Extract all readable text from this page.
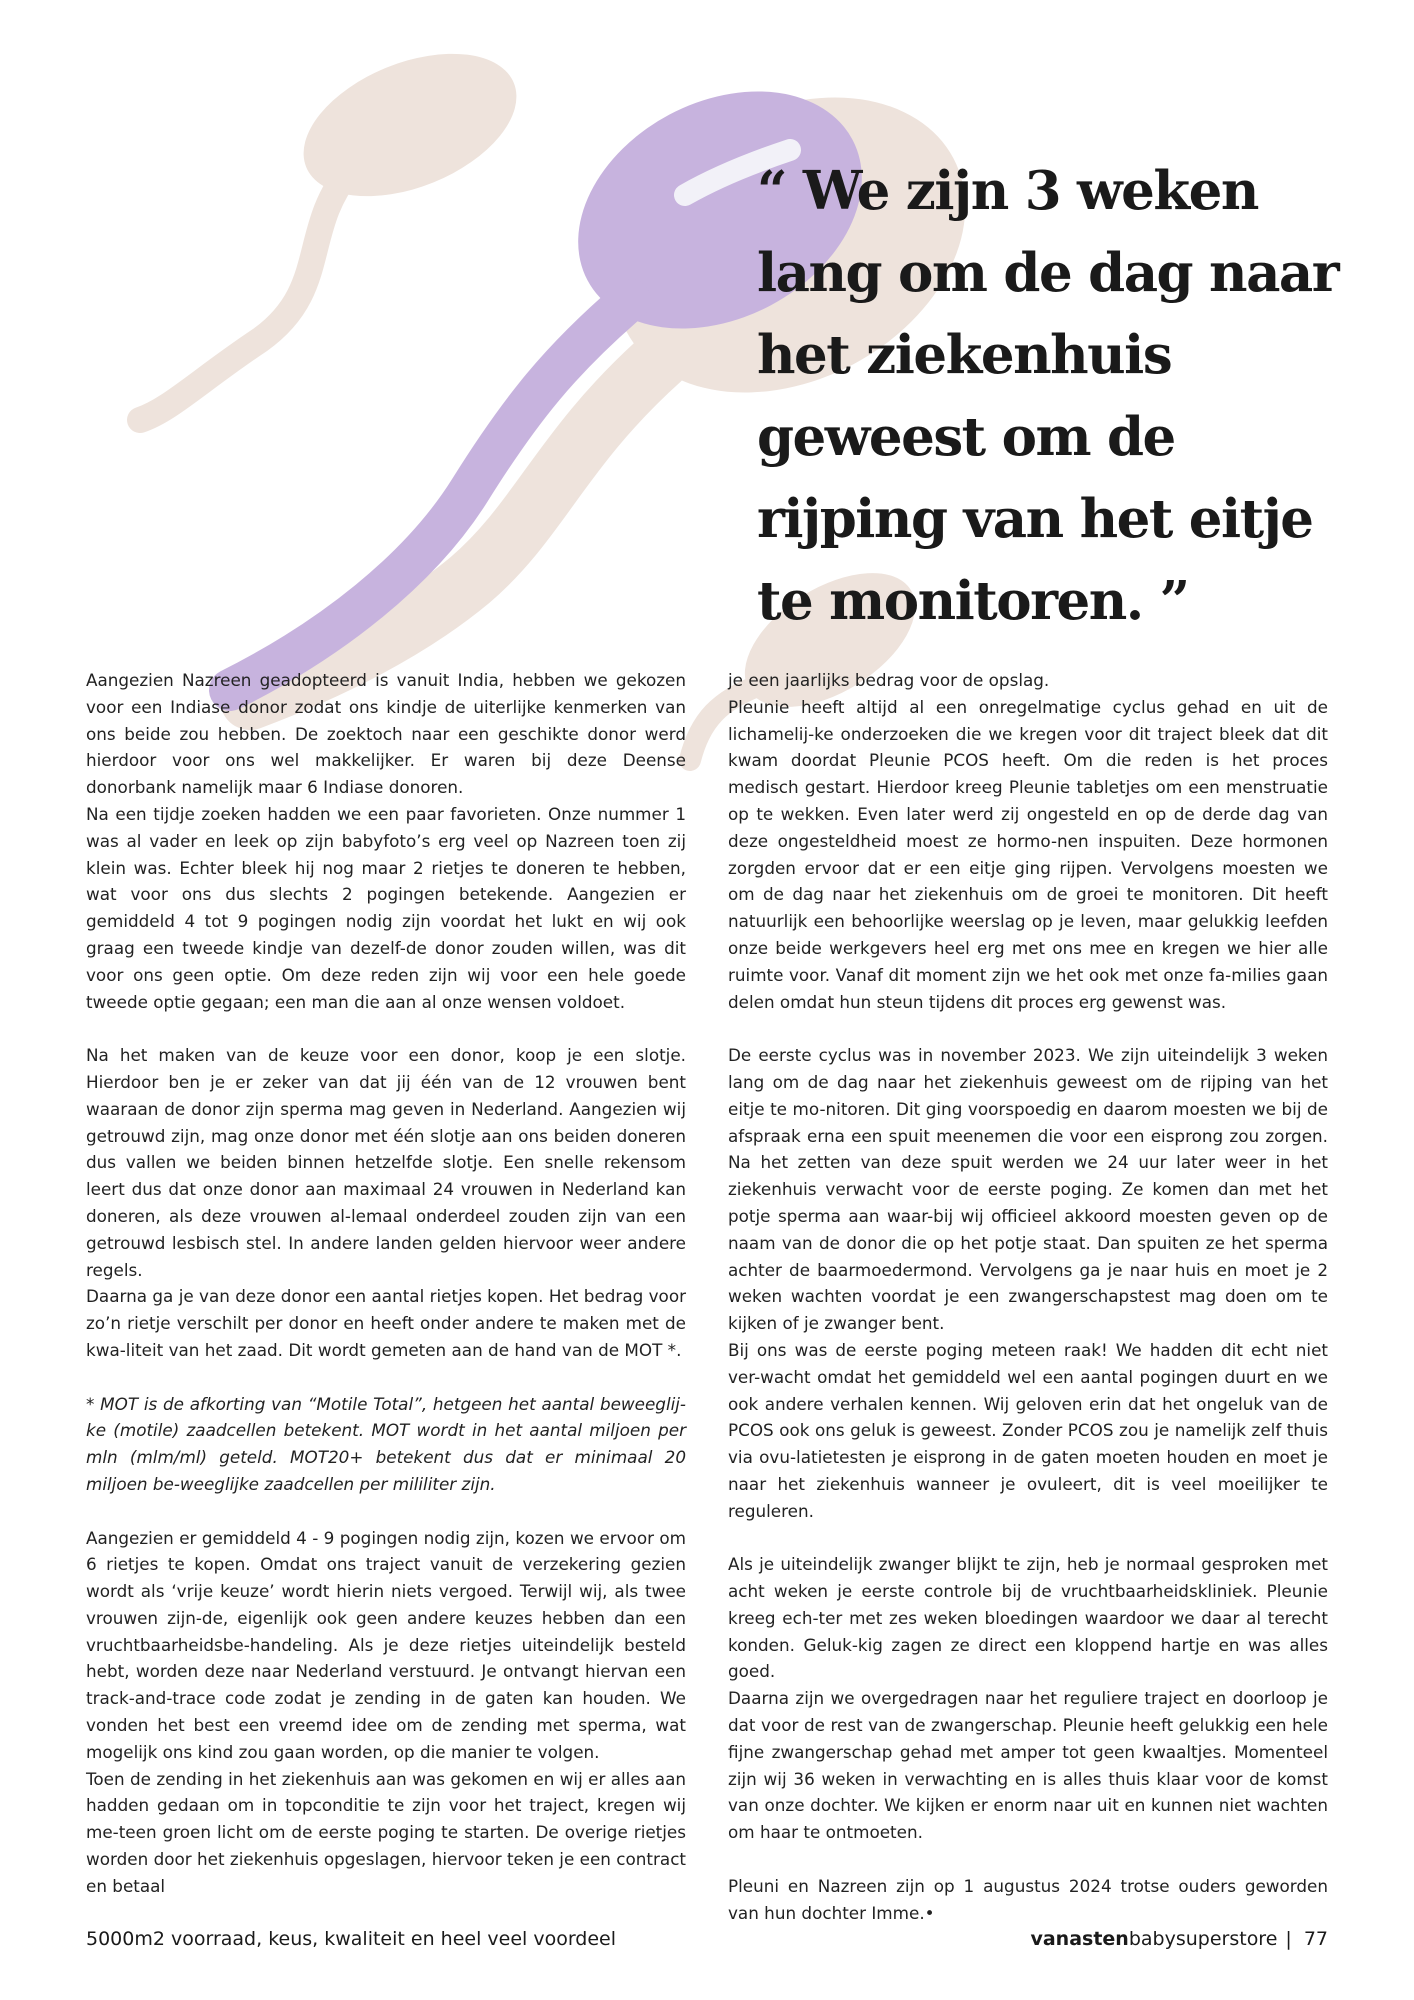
“ We zijn 3 weken lang om de dag naar het ziekenhuis geweest om de rijping van het eitje te monitoren. ”

Aangezien Nazreen geadopteerd is vanuit India, hebben we gekozen voor een Indiase donor zodat ons kindje de uiterlijke kenmerken van ons beide zou hebben. De zoektoch naar een geschikte donor werd hierdoor voor ons wel makkelijker. Er waren bij deze Deense donorbank namelijk maar 6 Indiase donoren.

Na een tijdje zoeken hadden we een paar favorieten. Onze nummer 1 was al vader en leek op zijn babyfoto’s erg veel op Nazreen toen zij klein was. Echter bleek hij nog maar 2 rietjes te doneren te hebben, wat voor ons dus slechts 2 pogingen betekende. Aangezien er gemiddeld 4 tot 9 pogingen nodig zijn voordat het lukt en wij ook graag een tweede kindje van dezelf-de donor zouden willen, was dit voor ons geen optie. Om deze reden zijn wij voor een hele goede tweede optie gegaan; een man die aan al onze wensen voldoet.

Na het maken van de keuze voor een donor, koop je een slotje. Hierdoor ben je er zeker van dat jij één van de 12 vrouwen bent waaraan de donor zijn sperma mag geven in Nederland. Aangezien wij getrouwd zijn, mag onze donor met één slotje aan ons beiden doneren dus vallen we beiden binnen hetzelfde slotje. Een snelle rekensom leert dus dat onze donor aan maximaal 24 vrouwen in Nederland kan doneren, als deze vrouwen al-lemaal onderdeel zouden zijn van een getrouwd lesbisch stel. In andere landen gelden hiervoor weer andere regels.

Daarna ga je van deze donor een aantal rietjes kopen. Het bedrag voor zo’n rietje verschilt per donor en heeft onder andere te maken met de kwa-liteit van het zaad. Dit wordt gemeten aan de hand van de MOT *.

* MOT is de afkorting van “Motile Total”, hetgeen het aantal beweeglij-ke (motile) zaadcellen betekent. MOT wordt in het aantal miljoen per mln (mlm/ml) geteld. MOT20+ betekent dus dat er minimaal 20 miljoen be-weeglijke zaadcellen per mililiter zijn.

Aangezien er gemiddeld 4 - 9 pogingen nodig zijn, kozen we ervoor om 6 rietjes te kopen. Omdat ons traject vanuit de verzekering gezien wordt als ‘vrije keuze’ wordt hierin niets vergoed. Terwijl wij, als twee vrouwen zijn-de, eigenlijk ook geen andere keuzes hebben dan een vruchtbaarheidsbe-handeling. Als je deze rietjes uiteindelijk besteld hebt, worden deze naar Nederland verstuurd. Je ontvangt hiervan een track-and-trace code zodat je zending in de gaten kan houden. We vonden het best een vreemd idee om de zending met sperma, wat mogelijk ons kind zou gaan worden, op die manier te volgen.

Toen de zending in het ziekenhuis aan was gekomen en wij er alles aan hadden gedaan om in topconditie te zijn voor het traject, kregen wij me-teen groen licht om de eerste poging te starten. De overige rietjes worden door het ziekenhuis opgeslagen, hiervoor teken je een contract en betaal

je een jaarlijks bedrag voor de opslag.

Pleunie heeft altijd al een onregelmatige cyclus gehad en uit de lichamelij-ke onderzoeken die we kregen voor dit traject bleek dat dit kwam doordat Pleunie PCOS heeft. Om die reden is het proces medisch gestart. Hierdoor kreeg Pleunie tabletjes om een menstruatie op te wekken. Even later werd zij ongesteld en op de derde dag van deze ongesteldheid moest ze hormo-nen inspuiten. Deze hormonen zorgden ervoor dat er een eitje ging rijpen. Vervolgens moesten we om de dag naar het ziekenhuis om de groei te monitoren. Dit heeft natuurlijk een behoorlijke weerslag op je leven, maar gelukkig leefden onze beide werkgevers heel erg met ons mee en kregen we hier alle ruimte voor. Vanaf dit moment zijn we het ook met onze fa-milies gaan delen omdat hun steun tijdens dit proces erg gewenst was.

De eerste cyclus was in november 2023. We zijn uiteindelijk 3 weken lang om de dag naar het ziekenhuis geweest om de rijping van het eitje te mo-nitoren. Dit ging voorspoedig en daarom moesten we bij de afspraak erna een spuit meenemen die voor een eisprong zou zorgen. Na het zetten van deze spuit werden we 24 uur later weer in het ziekenhuis verwacht voor de eerste poging. Ze komen dan met het potje sperma aan waar-bij wij officieel akkoord moesten geven op de naam van de donor die op het potje staat. Dan spuiten ze het sperma achter de baarmoedermond. Vervolgens ga je naar huis en moet je 2 weken wachten voordat je een zwangerschapstest mag doen om te kijken of je zwanger bent.

Bij ons was de eerste poging meteen raak! We hadden dit echt niet ver-wacht omdat het gemiddeld wel een aantal pogingen duurt en we ook andere verhalen kennen. Wij geloven erin dat het ongeluk van de PCOS ook ons geluk is geweest. Zonder PCOS zou je namelijk zelf thuis via ovu-latietesten je eisprong in de gaten moeten houden en moet je naar het ziekenhuis wanneer je ovuleert, dit is veel moeilijker te reguleren.

Als je uiteindelijk zwanger blijkt te zijn, heb je normaal gesproken met acht weken je eerste controle bij de vruchtbaarheidskliniek. Pleunie kreeg ech-ter met zes weken bloedingen waardoor we daar al terecht konden. Geluk-kig zagen ze direct een kloppend hartje en was alles goed.

Daarna zijn we overgedragen naar het reguliere traject en doorloop je dat voor de rest van de zwangerschap. Pleunie heeft gelukkig een hele fijne zwangerschap gehad met amper tot geen kwaaltjes. Momenteel zijn wij 36 weken in verwachting en is alles thuis klaar voor de komst van onze dochter. We kijken er enorm naar uit en kunnen niet wachten om haar te ontmoeten.

Pleuni en Nazreen zijn op 1 augustus 2024 trotse ouders geworden van hun dochter Imme.•

5000m2 voorraad, keus, kwaliteit en heel veel voordeel	vanastenbabysuperstore | 77
